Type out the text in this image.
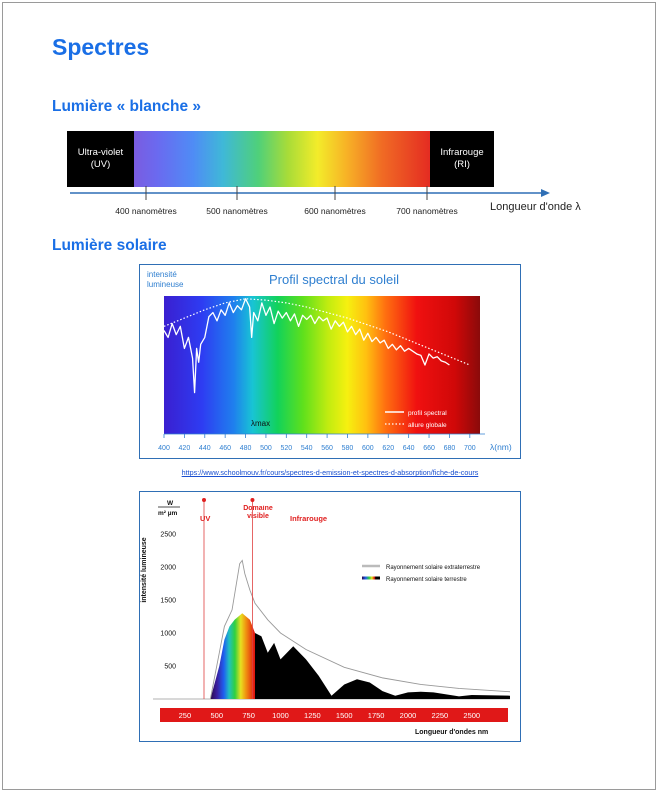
Spectres
Lumière « blanche »
Ultra-violet
(UV)
Infrarouge
(RI)
400 nanomètres	500 nanomètres	600 nanomètres	700 nanomètres	Longueur d'onde λ
Lumière solaire
Profil spectral du soleil
intensité
lumineuse
λ(nm)
λmax
400 420 440 460 480 500 520 540 560 580 600 620 640 660 680 700
profil spectral
allure globale
https://www.schoolmouv.fr/cours/spectres-d-emission-et-spectres-d-absorption/fiche-de-cours
intensité lumineuse
W
m² µm
UV
Domaine visible	Infrarouge
2500
2000
1500
1000
500
Rayonnement solaire extraterrestre
Rayonnement solaire terrestre
250	500	750 1000 1250 1500 1750 2000 2250 2500
Longueur d'ondes nm
